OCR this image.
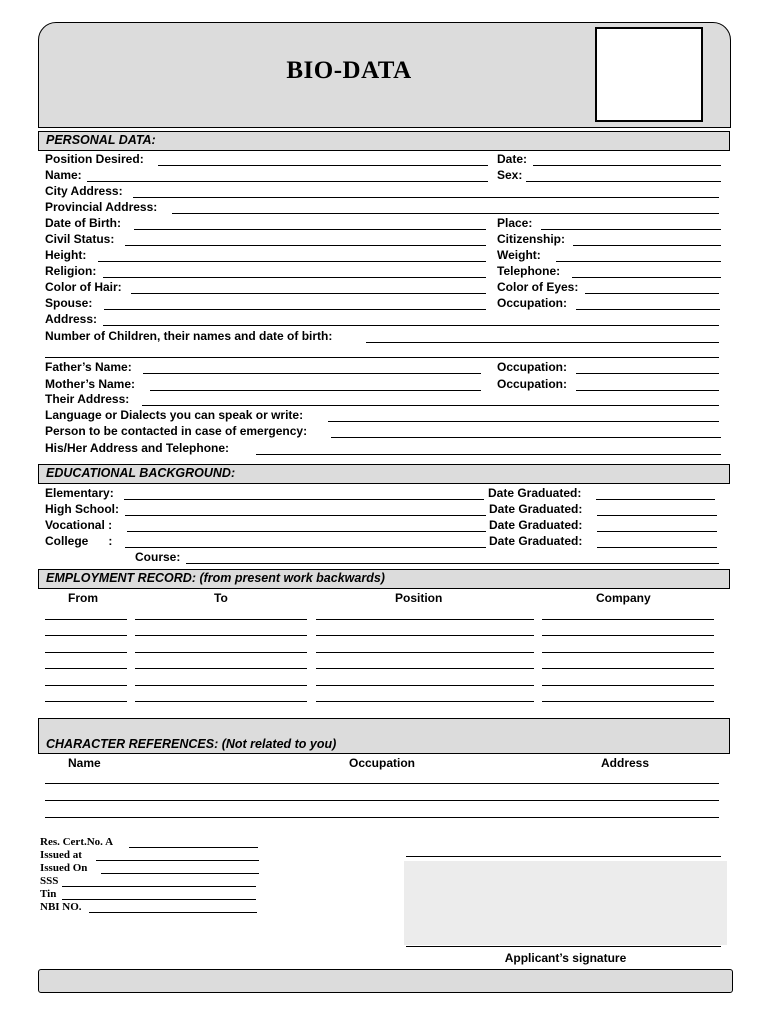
BIO-DATA
PERSONAL DATA:
Position Desired:	Date:
Name:	Sex:
City Address:
Provincial Address:
Date of Birth:	Place:
Civil Status:	Citizenship:
Height:	Weight:
Religion:	Telephone:
Color of Hair:	Color of Eyes:
Spouse:	Occupation:
Address:
Number of Children, their names and date of birth:
Father’s Name:	Occupation:
Mother’s Name:	Occupation:
Their Address:
Language or Dialects you can speak or write:
Person to be contacted in case of emergency:
His/Her Address and Telephone:
EDUCATIONAL BACKGROUND:
Elementary:	Date Graduated:
High School:	Date Graduated:
Vocational :	Date Graduated:
College      :	Date Graduated:
Course:
EMPLOYMENT RECORD: (from present work backwards)
From	To	Position	Company
CHARACTER REFERENCES: (Not related to you)
Name	Occupation	Address
Res. Cert.No. A
Issued at
Issued On
SSS
Tin
NBI NO.
Applicant’s signature
